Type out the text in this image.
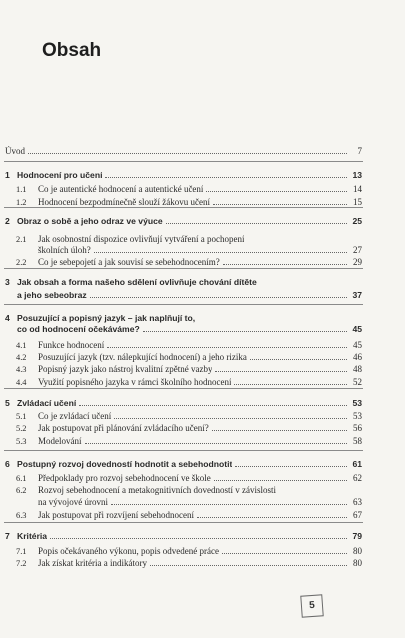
Obsah
Úvod	7
1 Hodnocení pro učení	13
1.1	Co je autentické hodnocení a autentické učení	14
1.2	Hodnocení bezpodmínečně slouží žákovu učení	15
2 Obraz o sobě a jeho odraz ve výuce	25
2.1	Jak osobnostní dispozice ovlivňují vytváření a pochopení
školních úloh?	27
2.2	Co je sebepojetí a jak souvisí se sebehodnocením?	29
3 Jak obsah a forma našeho sdělení ovlivňuje chování dítěte
a jeho sebeobraz	37
4 Posuzující a popisný jazyk – jak naplňují to,
co od hodnocení očekáváme?	45
4.1	Funkce hodnocení	45
4.2	Posuzující jazyk (tzv. nálepkující hodnocení) a jeho rizika	46
4.3	Popisný jazyk jako nástroj kvalitní zpětné vazby	48
4.4	Využití popisného jazyka v rámci školního hodnocení	52
5 Zvládací učení	53
5.1	Co je zvládací učení	53
5.2	Jak postupovat při plánování zvládacího učení?	56
5.3	Modelování	58
6 Postupný rozvoj dovedností hodnotit a sebehodnotit	61
6.1	Předpoklady pro rozvoj sebehodnocení ve škole	62
6.2	Rozvoj sebehodnocení a metakognitivních dovedností v závislosti
na vývojové úrovni	63
6.3	Jak postupovat při rozvíjení sebehodnocení	67
7 Kritéria	79
7.1	Popis očekávaného výkonu, popis odvedené práce	80
7.2	Jak získat kritéria a indikátory	80
5
